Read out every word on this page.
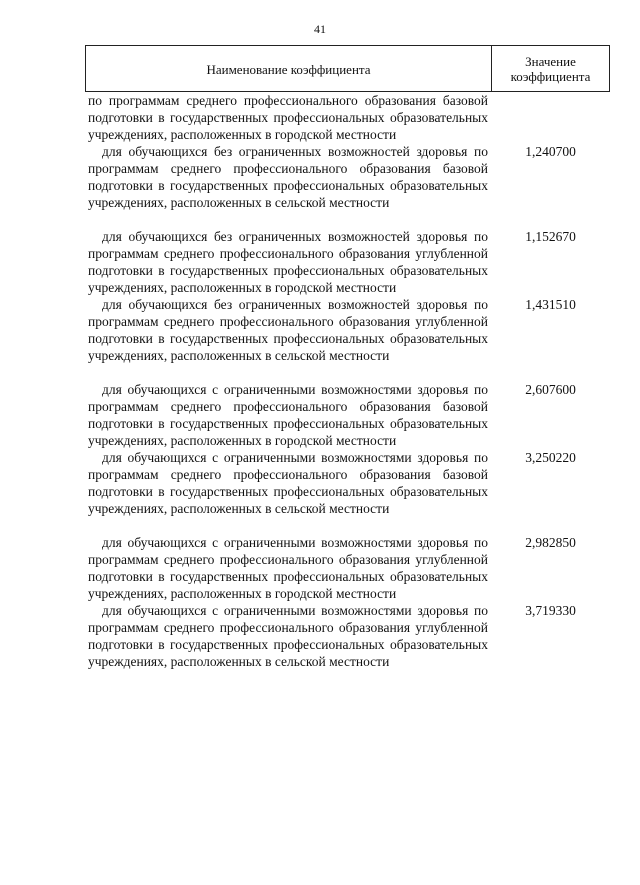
41
Наименование коэффициента
Значение
коэффициента
по программам среднего профессионального образования базовой подготовки в государственных профессиональных образовательных учреждениях, расположенных в городской местности
для обучающихся без ограниченных возможностей здоровья по программам среднего профессионального образования базовой подготовки в государственных профессиональных образовательных учреждениях, расположенных в сельской местности
1,240700
для обучающихся без ограниченных возможностей здоровья по программам среднего профессионального образования углубленной подготовки в государственных профессиональных образовательных учреждениях, расположенных в городской местности
1,152670
для обучающихся без ограниченных возможностей здоровья по программам среднего профессионального образования углубленной подготовки в государственных профессиональных образовательных учреждениях, расположенных в сельской местности
1,431510
для обучающихся с ограниченными возможностями здоровья по программам среднего профессионального образования базовой подготовки в государственных профессиональных образовательных учреждениях, расположенных в городской местности
2,607600
для обучающихся с ограниченными возможностями здоровья по программам среднего профессионального образования базовой подготовки в государственных профессиональных образовательных учреждениях, расположенных в сельской местности
3,250220
для обучающихся с ограниченными возможностями здоровья по программам среднего профессионального образования углубленной подготовки в государственных профессиональных образовательных учреждениях, расположенных в городской местности
2,982850
для обучающихся с ограниченными возможностями здоровья по программам среднего профессионального образования углубленной подготовки в государственных профессиональных образовательных учреждениях, расположенных в сельской местности
3,719330
